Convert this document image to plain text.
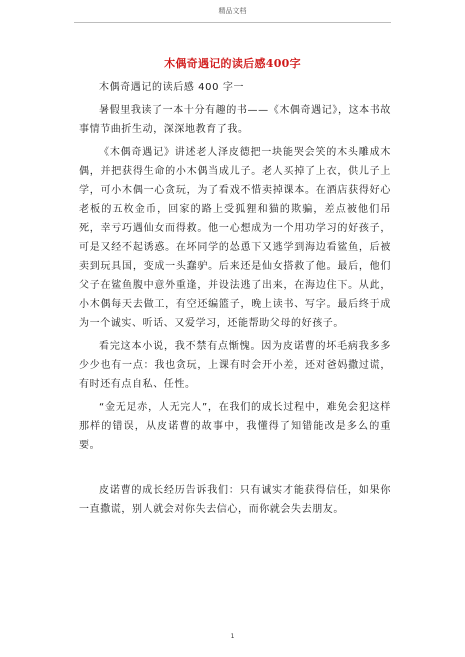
精品文档
木偶奇遇记的读后感400字

木偶奇遇记的读后感 400 字一

暑假里我读了一本十分有趣的书——《木偶奇遇记》，这本书故事情节曲折生动，深深地教育了我。

《木偶奇遇记》讲述老人泽皮德把一块能哭会笑的木头雕成木偶，并把获得生命的小木偶当成儿子。老人买掉了上衣，供儿子上学，可小木偶一心贪玩，为了看戏不惜卖掉课本。在酒店获得好心老板的五枚金币，回家的路上受狐狸和猫的欺骗，差点被他们吊死，幸亏巧遇仙女而得救。他一心想成为一个用功学习的好孩子，可是又经不起诱惑。在坏同学的怂恿下又逃学到海边看鲨鱼，后被卖到玩具国，变成一头蠢驴。后来还是仙女搭救了他。最后，他们父子在鲨鱼腹中意外重逢，并设法逃了出来，在海边住下。从此，小木偶每天去做工，有空还编篮子，晚上读书、写字。最后终于成为一个诚实、听话、又爱学习，还能帮助父母的好孩子。

看完这本小说，我不禁有点惭愧。因为皮诺曹的坏毛病我多多少少也有一点：我也贪玩，上课有时会开小差，还对爸妈撒过谎，有时还有点自私、任性。

“金无足赤，人无完人”，在我们的成长过程中，难免会犯这样那样的错误，从皮诺曹的故事中，我懂得了知错能改是多么的重要。

皮诺曹的成长经历告诉我们：只有诚实才能获得信任，如果你一直撒谎，别人就会对你失去信心，而你就会失去朋友。

1
